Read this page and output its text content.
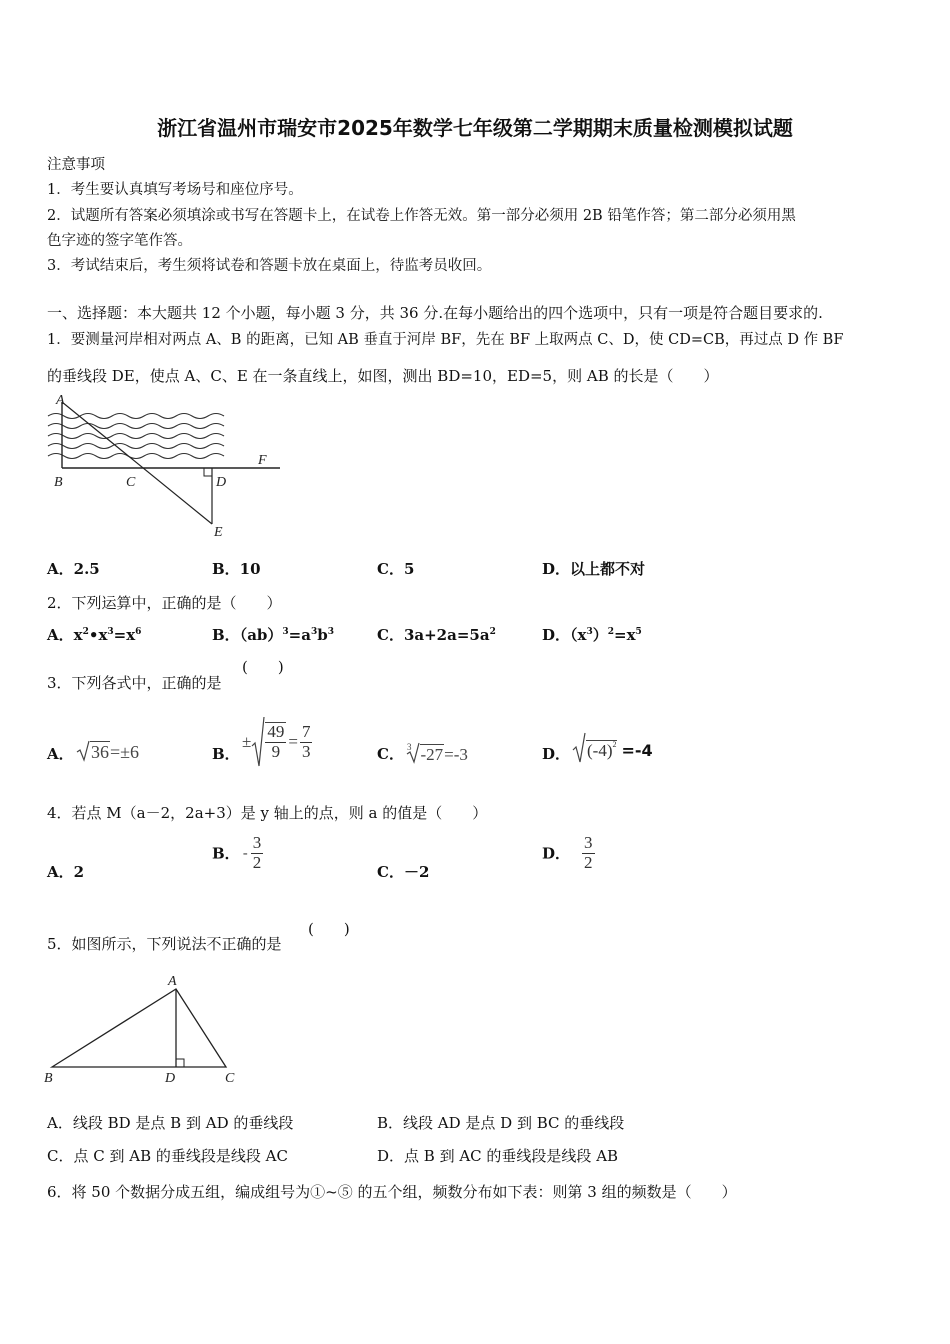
浙江省温州市瑞安市2025年数学七年级第二学期期末质量检测模拟试题
注意事项
1．考生要认真填写考场号和座位序号。
2．试题所有答案必须填涂或书写在答题卡上，在试卷上作答无效。第一部分必须用 2B 铅笔作答；第二部分必须用黑
色字迹的签字笔作答。
3．考试结束后，考生须将试卷和答题卡放在桌面上，待监考员收回。
一、选择题：本大题共 12 个小题，每小题 3 分，共 36 分.在每小题给出的四个选项中，只有一项是符合题目要求的.
1．要测量河岸相对两点 A、B 的距离，已知 AB 垂直于河岸 BF，先在 BF 上取两点 C、D，使 CD=CB，再过点 D 作 BF
的垂线段 DE，使点 A、C、E 在一条直线上，如图，测出 BD=10，ED=5，则 AB 的长是（　　）
A
B	C	D
E
F
A．2.5	B．10	C．5	D．以上都不对
2．下列运算中，正确的是（　　）
A．$x^2•x^3=x^6$	B．$(ab)^3=a^3b^3$	C．$3a+2a=5a^2$	D．$(x^3)^2=x^5$
3．下列各式中，正确的是
(　　)
A． 36=±6	B．
± $\frac{49}{9} = \frac{7}{3}$	C． $^3$ -27=-3	D． $(-4)^2 =-4$
4．若点 M（a－2，2a+3）是 y 轴上的点，则 a 的值是（　　）
A．2
B． - $\frac{3}{2}$	C．－2
D． $\frac{3}{2}$
5．如图所示，下列说法不正确的是
(　　)
A
B	D	C
A．线段 BD 是点 B 到 AD 的垂线段	B．线段 AD 是点 D 到 BC 的垂线段
C．点 C 到 AB 的垂线段是线段 AC	D．点 B 到 AC 的垂线段是线段 AB
6．将 50 个数据分成五组，编成组号为①~⑤ 的五个组，频数分布如下表：则第 3 组的频数是（　　）
